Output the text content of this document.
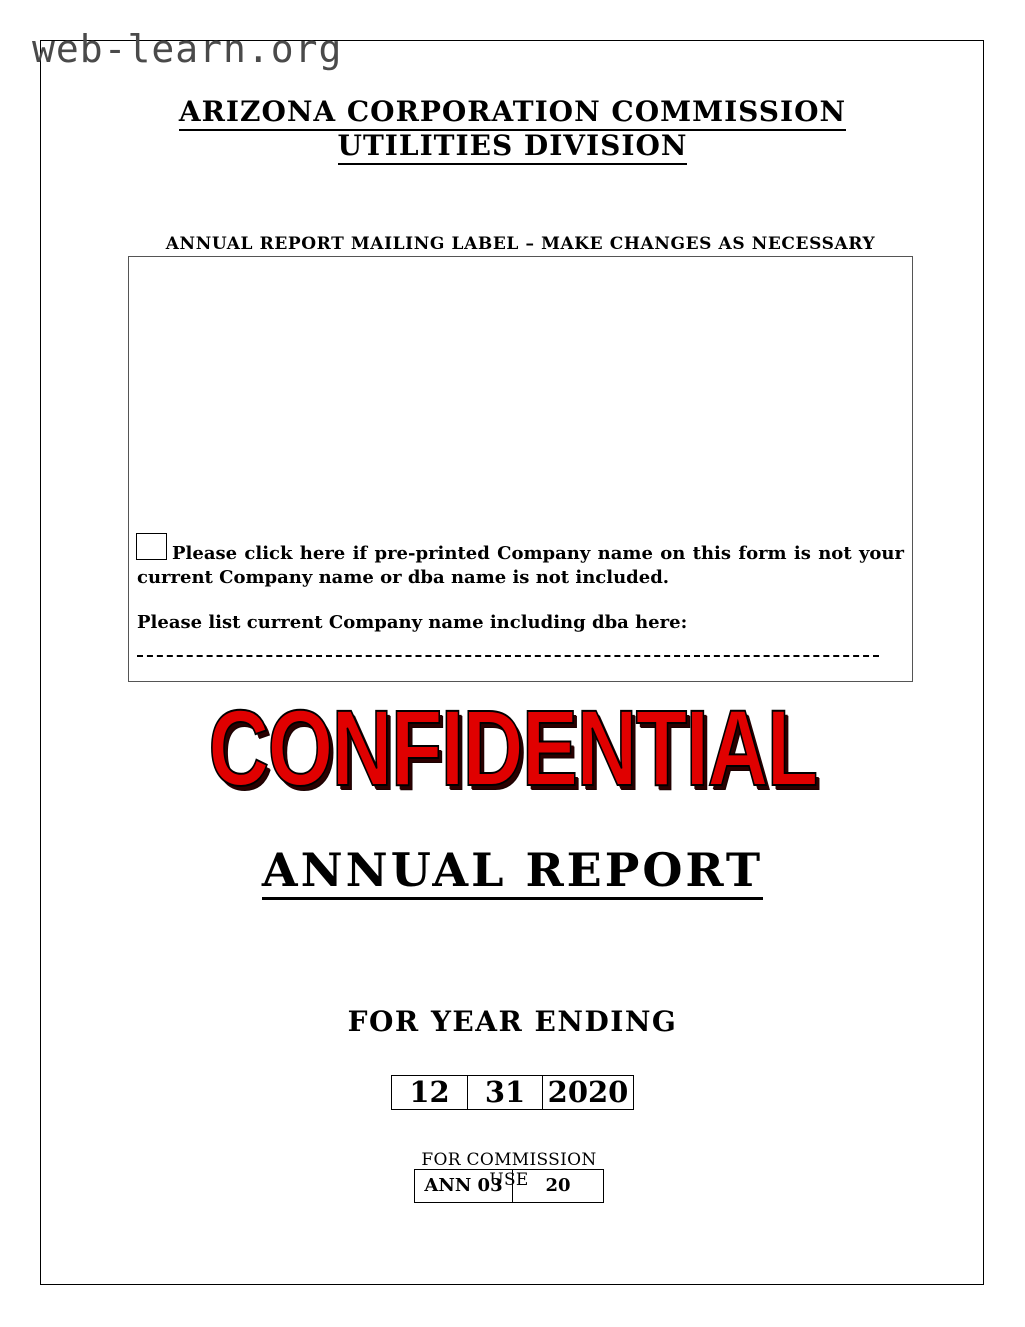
web-learn.org
ARIZONA CORPORATION COMMISSION
UTILITIES DIVISION
ANNUAL REPORT MAILING LABEL – MAKE CHANGES AS NECESSARY
Please click here if pre-printed Company name on this form is not your current Company name or dba name is not included.
Please list current Company name including dba here:
CONFIDENTIAL
ANNUAL REPORT
FOR YEAR ENDING
12	31 2020
FOR COMMISSION USE
ANN 03	20
